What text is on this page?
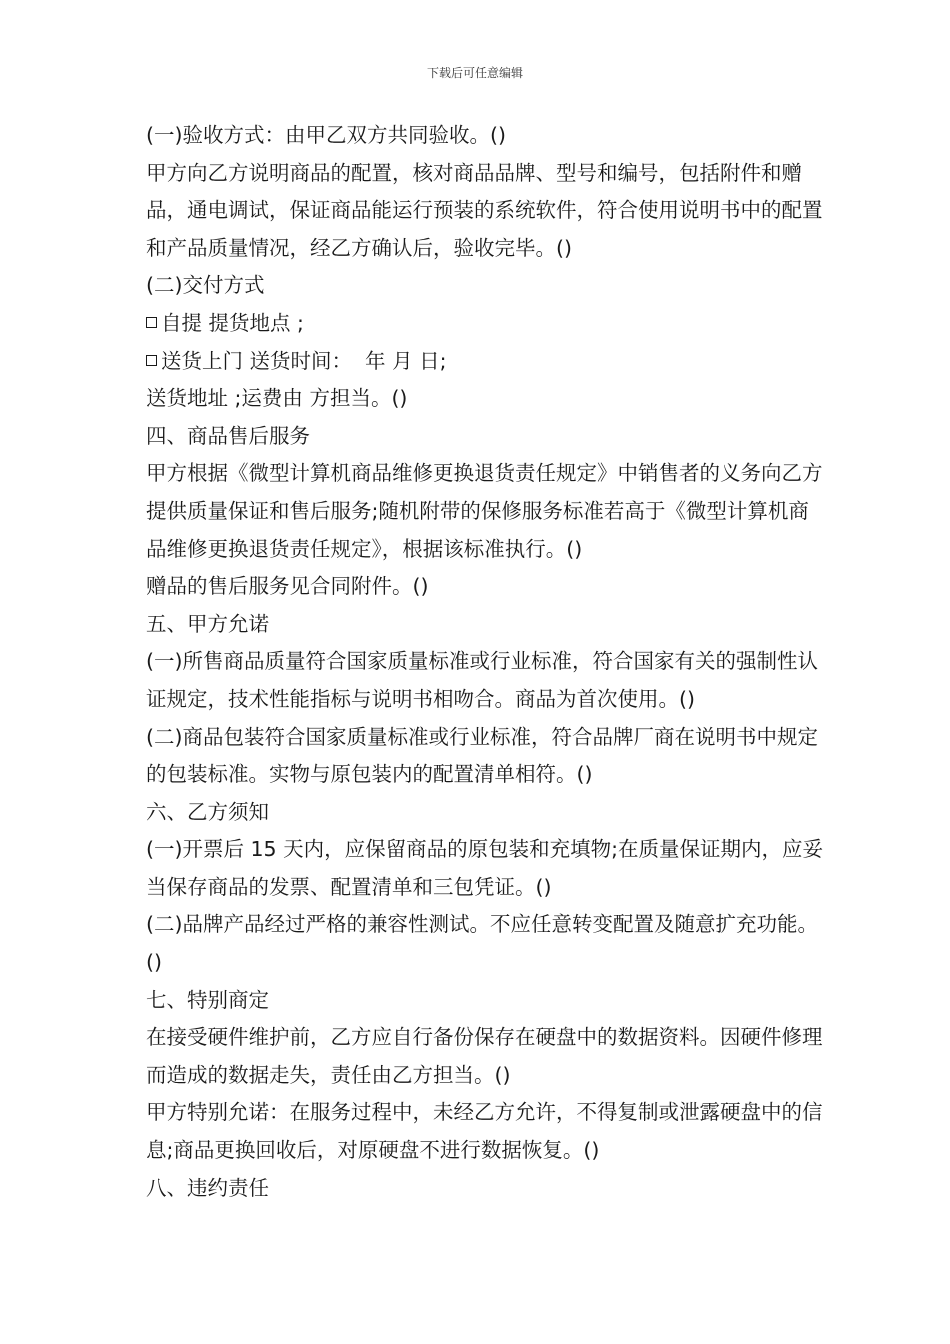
下载后可任意编辑

(一)验收方式：由甲乙双方共同验收。()

甲方向乙方说明商品的配置，核对商品品牌、型号和编号，包括附件和赠品，通电调试，保证商品能运行预装的系统软件，符合使用说明书中的配置和产品质量情况，经乙方确认后，验收完毕。()

(二)交付方式

自提 提货地点 ;

送货上门 送货时间：  年 月 日;

送货地址 ;运费由 方担当。()

四、商品售后服务

甲方根据《微型计算机商品维修更换退货责任规定》中销售者的义务向乙方提供质量保证和售后服务;随机附带的保修服务标准若高于《微型计算机商品维修更换退货责任规定》，根据该标准执行。()

赠品的售后服务见合同附件。()

五、甲方允诺

(一)所售商品质量符合国家质量标准或行业标准，符合国家有关的强制性认证规定，技术性能指标与说明书相吻合。商品为首次使用。()

(二)商品包装符合国家质量标准或行业标准，符合品牌厂商在说明书中规定的包装标准。实物与原包装内的配置清单相符。()

六、乙方须知

(一)开票后 15 天内，应保留商品的原包装和充填物;在质量保证期内，应妥当保存商品的发票、配置清单和三包凭证。()

(二)品牌产品经过严格的兼容性测试。不应任意转变配置及随意扩充功能。()

七、特别商定

在接受硬件维护前，乙方应自行备份保存在硬盘中的数据资料。因硬件修理而造成的数据走失，责任由乙方担当。()

甲方特别允诺：在服务过程中，未经乙方允许，不得复制或泄露硬盘中的信息;商品更换回收后，对原硬盘不进行数据恢复。()

八、违约责任
